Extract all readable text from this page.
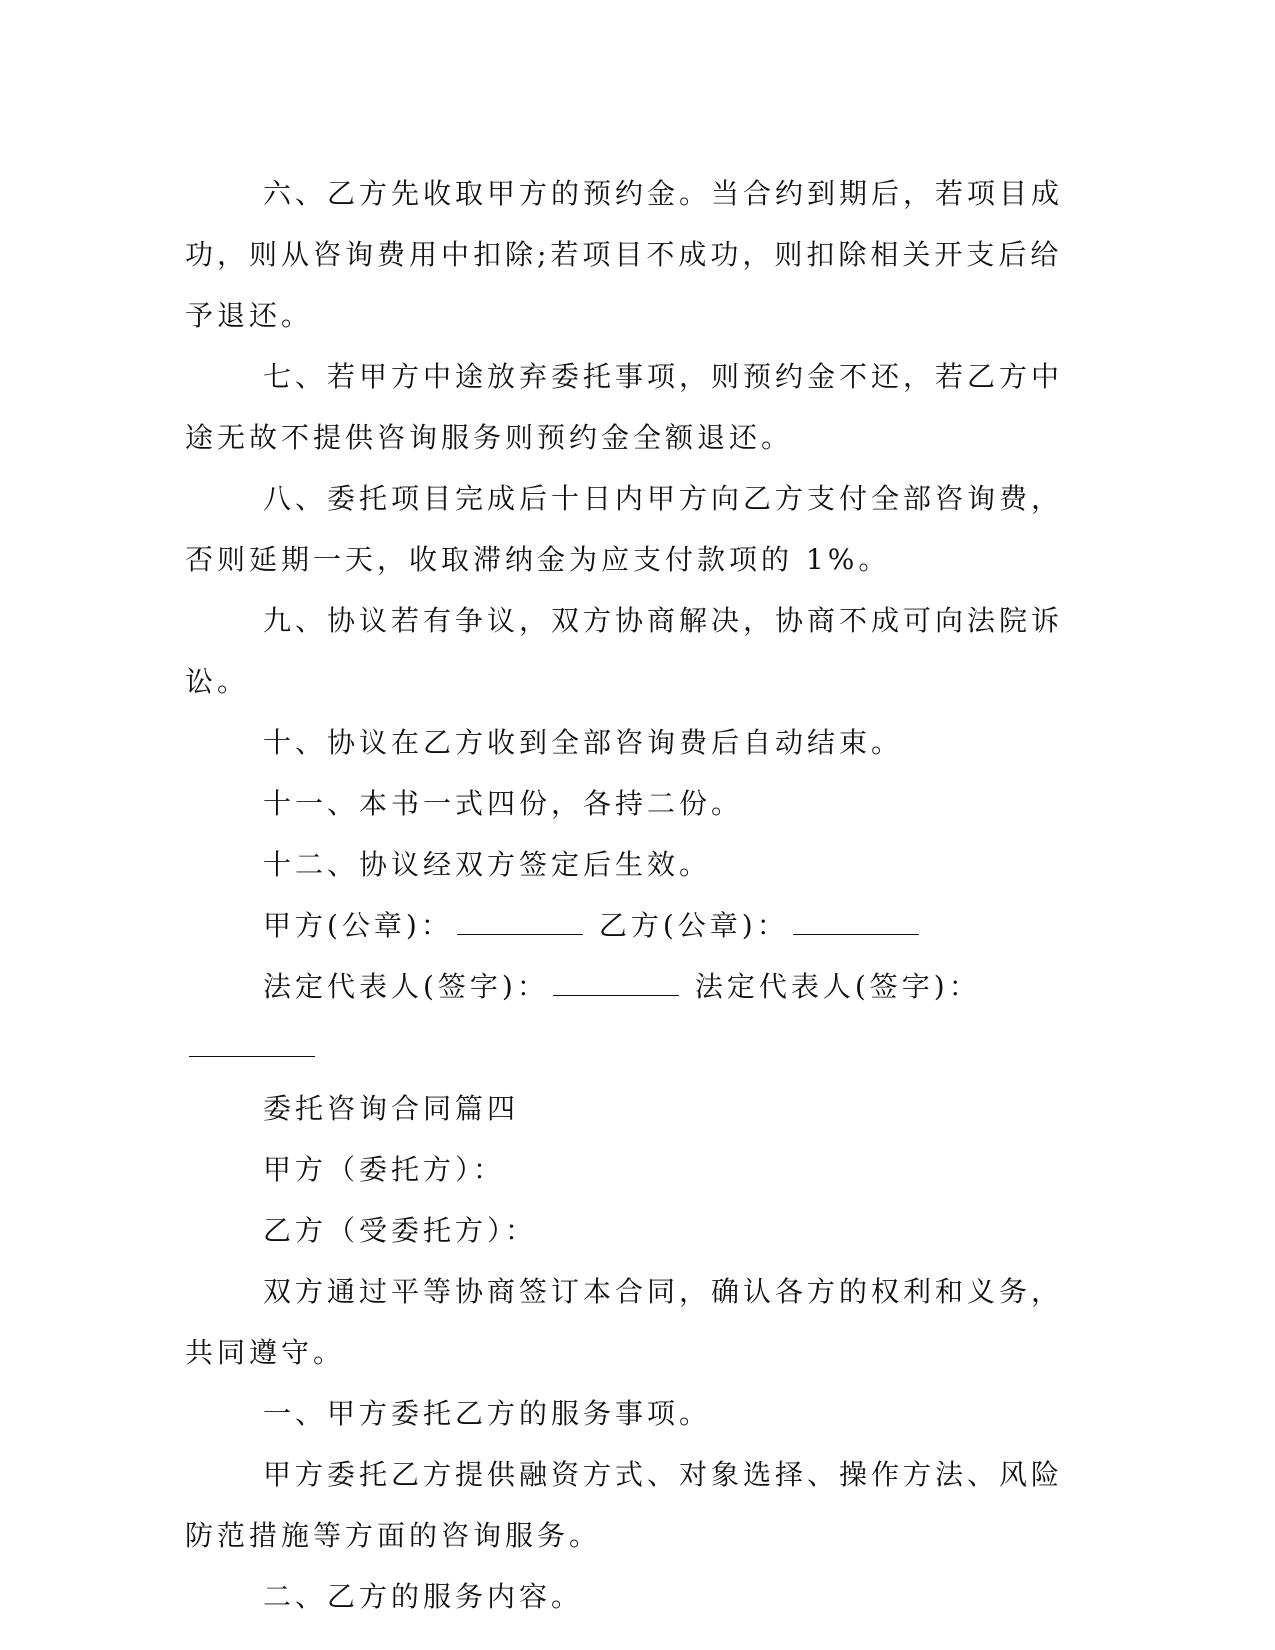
六、乙方先收取甲方的预约金。当合约到期后，若项目成功，则从咨询费用中扣除;若项目不成功，则扣除相关开支后给予退还。

七、若甲方中途放弃委托事项，则预约金不还，若乙方中途无故不提供咨询服务则预约金全额退还。

八、委托项目完成后十日内甲方向乙方支付全部咨询费，否则延期一天，收取滞纳金为应支付款项的 1%。

九、协议若有争议，双方协商解决，协商不成可向法院诉讼。

十、协议在乙方收到全部咨询费后自动结束。

十一、本书一式四份，各持二份。

十二、协议经双方签定后生效。

甲方(公章)：	乙方(公章)：

法定代表人(签字)：	法定代表人(签字)：

委托咨询合同篇四

甲方（委托方）：

乙方（受委托方）：

双方通过平等协商签订本合同，确认各方的权利和义务，共同遵守。

一、甲方委托乙方的服务事项。

甲方委托乙方提供融资方式、对象选择、操作方法、风险防范措施等方面的咨询服务。

二、乙方的服务内容。
